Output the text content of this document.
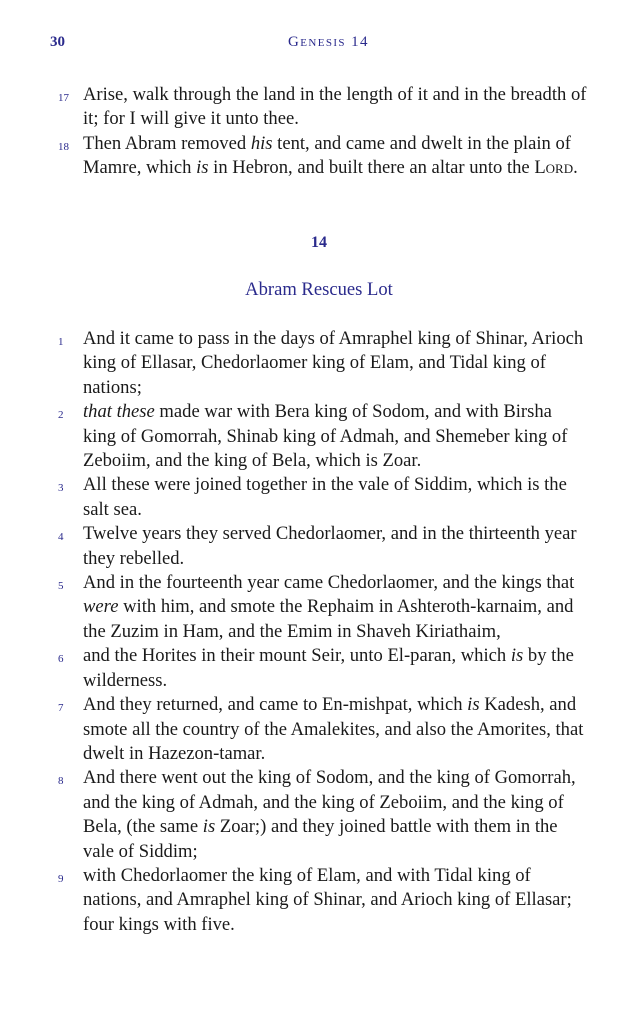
30	Genesis 14
17 Arise, walk through the land in the length of it and in the breadth of it; for I will give it unto thee.
18 Then Abram removed his tent, and came and dwelt in the plain of Mamre, which is in Hebron, and built there an altar unto the Lord.
14
Abram Rescues Lot
1	And it came to pass in the days of Amraphel king of Shinar, Arioch king of Ellasar, Chedorlaomer king of Elam, and Tidal king of nations;
2	that these made war with Bera king of Sodom, and with Birsha king of Gomorrah, Shinab king of Admah, and Shemeber king of Zeboiim, and the king of Bela, which is Zoar.
3	All these were joined together in the vale of Siddim, which is the salt sea.
4	Twelve years they served Chedorlaomer, and in the thirteenth year they rebelled.
5	And in the fourteenth year came Chedorlaomer, and the kings that were with him, and smote the Rephaim in Ashteroth-karnaim, and the Zuzim in Ham, and the Emim in Shaveh Kiriathaim,
6	and the Horites in their mount Seir, unto El-paran, which is by the wilderness.
7	And they returned, and came to En-mishpat, which is Kadesh, and smote all the country of the Amalekites, and also the Amorites, that dwelt in Hazezon-tamar.
8	And there went out the king of Sodom, and the king of Gomorrah, and the king of Admah, and the king of Zeboiim, and the king of Bela, (the same is Zoar;) and they joined battle with them in the vale of Siddim;
9	with Chedorlaomer the king of Elam, and with Tidal king of nations, and Amraphel king of Shinar, and Arioch king of Ellasar; four kings with five.
